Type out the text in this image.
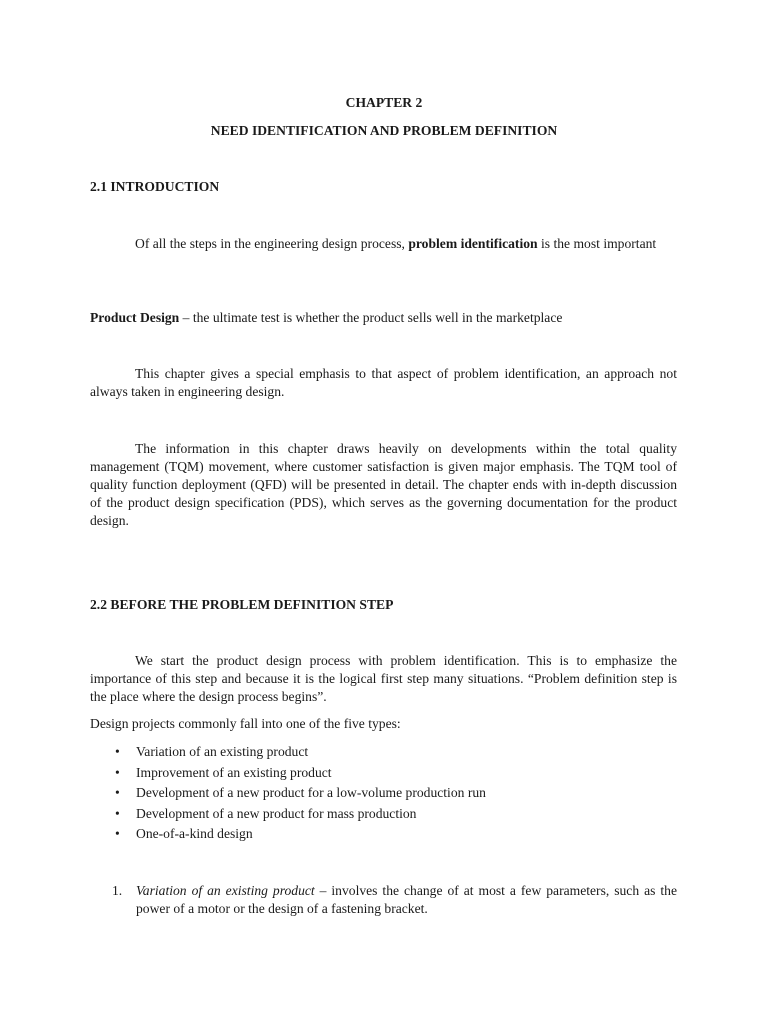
CHAPTER 2
NEED IDENTIFICATION AND PROBLEM DEFINITION
2.1 INTRODUCTION

Of all the steps in the engineering design process, problem identification is the most important

Product Design – the ultimate test is whether the product sells well in the marketplace

This chapter gives a special emphasis to that aspect of problem identification, an approach not always taken in engineering design.

The information in this chapter draws heavily on developments within the total quality management (TQM) movement, where customer satisfaction is given major emphasis. The TQM tool of quality function deployment (QFD) will be presented in detail. The chapter ends with in-depth discussion of the product design specification (PDS), which serves as the governing documentation for the product design.

2.2 BEFORE THE PROBLEM DEFINITION STEP

We start the product design process with problem identification. This is to emphasize the importance of this step and because it is the logical first step many situations. “Problem definition step is the place where the design process begins”.

Design projects commonly fall into one of the five types:

• Variation of an existing product
• Improvement of an existing product
• Development of a new product for a low-volume production run
• Development of a new product for mass production
• One-of-a-kind design
1. Variation of an existing product – involves the change of at most a few parameters, such as the power of a motor or the design of a fastening bracket.
